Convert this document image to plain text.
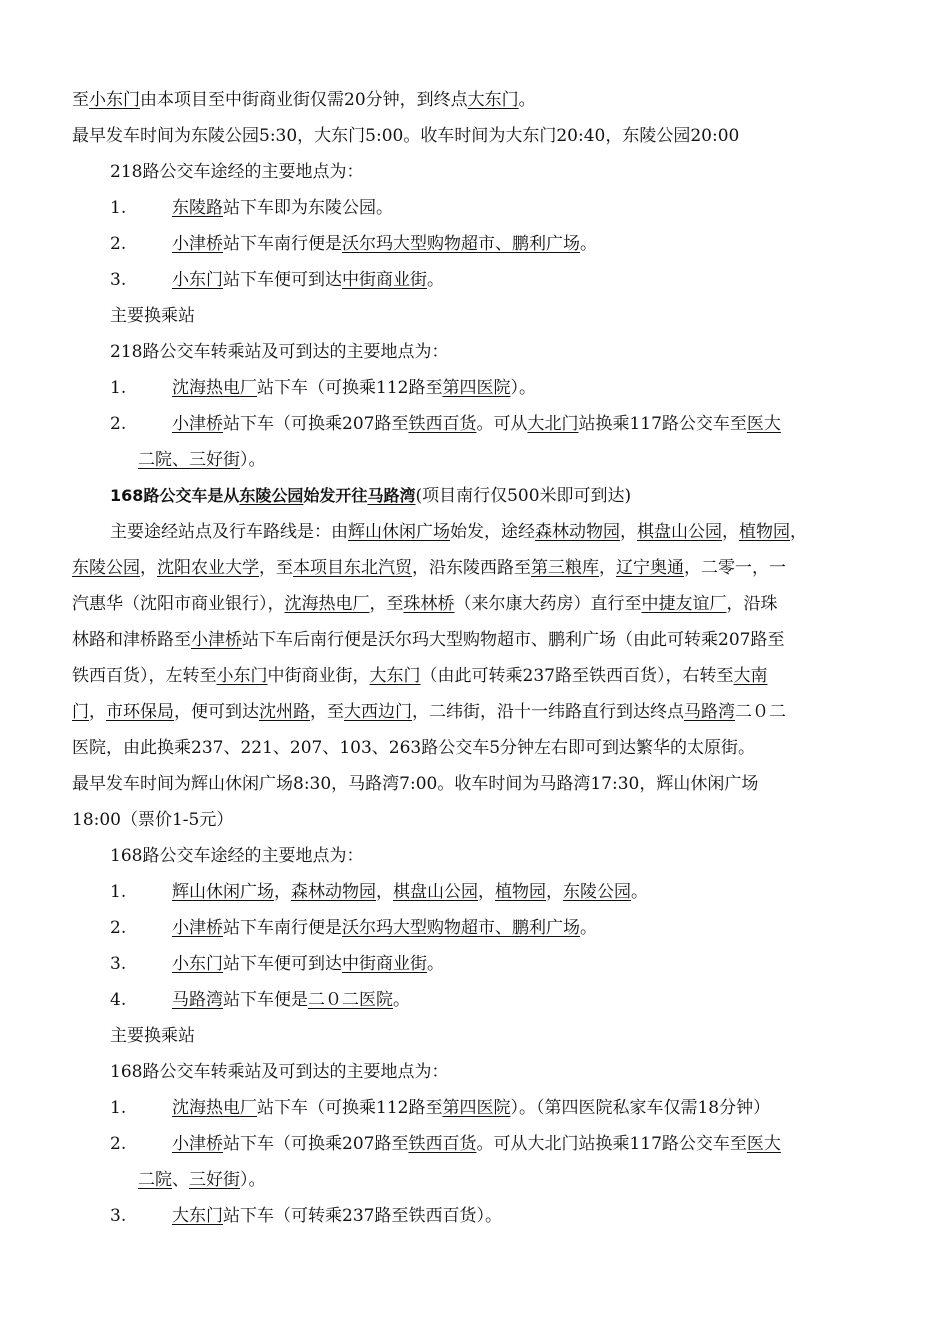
至小东门由本项目至中街商业街仅需20分钟，到终点大东门。
最早发车时间为东陵公园5:30，大东门5:00。收车时间为大东门20:40，东陵公园20:00
218路公交车途经的主要地点为：
1.	东陵路站下车即为东陵公园。
2.	小津桥站下车南行便是沃尔玛大型购物超市、鹏利广场。
3.	小东门站下车便可到达中街商业街。
主要换乘站
218路公交车转乘站及可到达的主要地点为：
1.	沈海热电厂站下车（可换乘112路至第四医院）。
2.	小津桥站下车（可换乘207路至铁西百货。可从大北门站换乘117路公交车至医大
二院、三好街）。
168路公交车是从东陵公园始发开往马路湾(项目南行仅500米即可到达)
主要途经站点及行车路线是：由辉山休闲广场始发，途经森林动物园，棋盘山公园，植物园，
东陵公园，沈阳农业大学，至本项目东北汽贸，沿东陵西路至第三粮库，辽宁奥通，二零一，一
汽惠华（沈阳市商业银行），沈海热电厂，至珠林桥（来尔康大药房）直行至中捷友谊厂，沿珠
林路和津桥路至小津桥站下车后南行便是沃尔玛大型购物超市、鹏利广场（由此可转乘207路至
铁西百货），左转至小东门中街商业街，大东门（由此可转乘237路至铁西百货），右转至大南
门，市环保局，便可到达沈州路，至大西边门，二纬街，沿十一纬路直行到达终点马路湾二０二
医院，由此换乘237、221、207、103、263路公交车5分钟左右即可到达繁华的太原街。
最早发车时间为辉山休闲广场8:30，马路湾7:00。收车时间为马路湾17:30，辉山休闲广场
18:00（票价1-5元）
168路公交车途经的主要地点为：
1.	辉山休闲广场，森林动物园，棋盘山公园，植物园，东陵公园。
2.	小津桥站下车南行便是沃尔玛大型购物超市、鹏利广场。
3.	小东门站下车便可到达中街商业街。
4.	马路湾站下车便是二０二医院。
主要换乘站
168路公交车转乘站及可到达的主要地点为：
1.	沈海热电厂站下车（可换乘112路至第四医院）。（第四医院私家车仅需18分钟）
2.	小津桥站下车（可换乘207路至铁西百货。可从大北门站换乘117路公交车至医大
二院、三好街）。
3.	大东门站下车（可转乘237路至铁西百货）。
